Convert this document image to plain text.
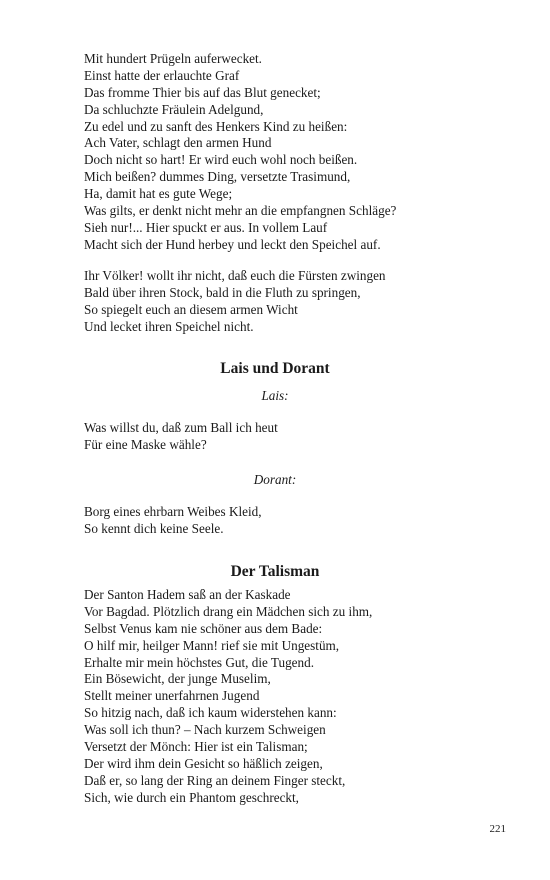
Mit hundert Prügeln auferwecket.
Einst hatte der erlauchte Graf
Das fromme Thier bis auf das Blut genecket;
Da schluchzte Fräulein Adelgund,
Zu edel und zu sanft des Henkers Kind zu heißen:
Ach Vater, schlagt den armen Hund
Doch nicht so hart! Er wird euch wohl noch beißen.
Mich beißen? dummes Ding, versetzte Trasimund,
Ha, damit hat es gute Wege;
Was gilts, er denkt nicht mehr an die empfangnen Schläge?
Sieh nur!... Hier spuckt er aus. In vollem Lauf
Macht sich der Hund herbey und leckt den Speichel auf.
Ihr Völker! wollt ihr nicht, daß euch die Fürsten zwingen
Bald über ihren Stock, bald in die Fluth zu springen,
So spiegelt euch an diesem armen Wicht
Und lecket ihren Speichel nicht.
Lais und Dorant
Lais:
Was willst du, daß zum Ball ich heut
Für eine Maske wähle?
Dorant:
Borg eines ehrbarn Weibes Kleid,
So kennt dich keine Seele.
Der Talisman
Der Santon Hadem saß an der Kaskade
Vor Bagdad. Plötzlich drang ein Mädchen sich zu ihm,
Selbst Venus kam nie schöner aus dem Bade:
O hilf mir, heilger Mann! rief sie mit Ungestüm,
Erhalte mir mein höchstes Gut, die Tugend.
Ein Bösewicht, der junge Muselim,
Stellt meiner unerfahrnen Jugend
So hitzig nach, daß ich kaum widerstehen kann:
Was soll ich thun? – Nach kurzem Schweigen
Versetzt der Mönch: Hier ist ein Talisman;
Der wird ihm dein Gesicht so häßlich zeigen,
Daß er, so lang der Ring an deinem Finger steckt,
Sich, wie durch ein Phantom geschreckt,
221
